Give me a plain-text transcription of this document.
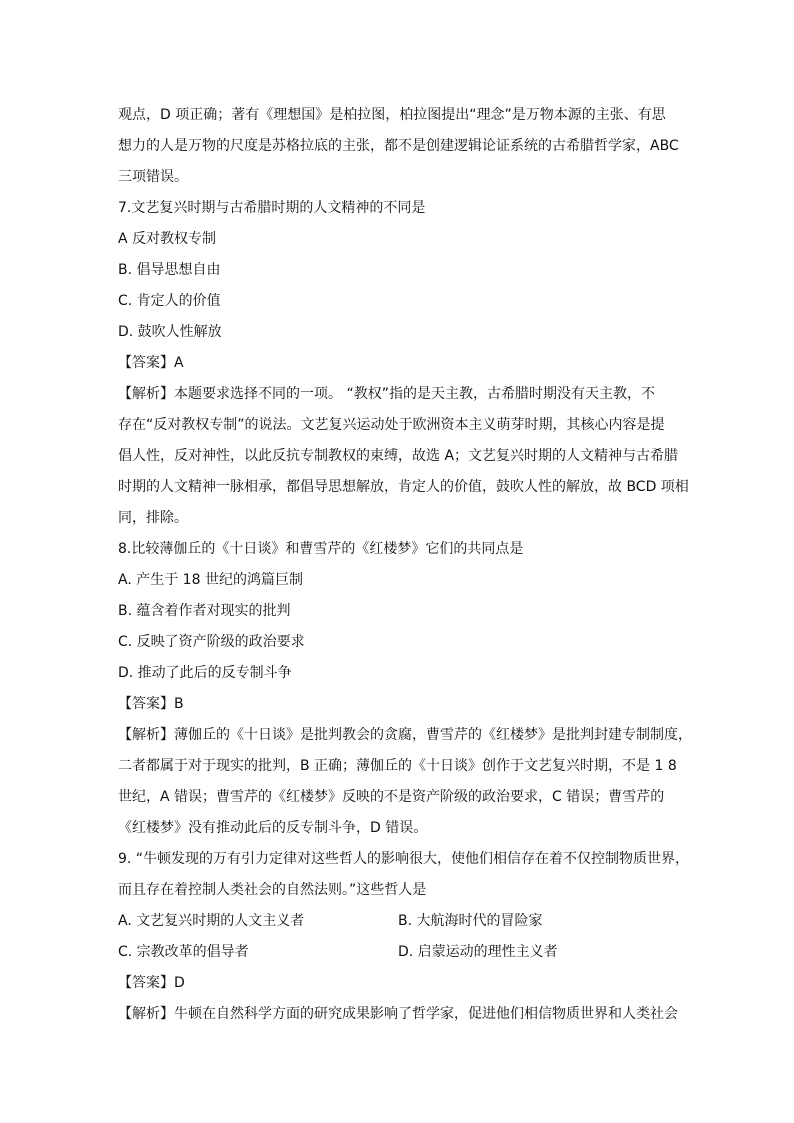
观点，D 项正确；著有《理想国》是柏拉图，柏拉图提出“理念”是万物本源的主张、有思
想力的人是万物的尺度是苏格拉底的主张，都不是创建逻辑论证系统的古希腊哲学家，ABC
三项错误。
7.文艺复兴时期与古希腊时期的人文精神的不同是
A 反对教权专制
B. 倡导思想自由
C. 肯定人的价值
D. 鼓吹人性解放
【答案】A
【解析】本题要求选择不同的一项。 “教权”指的是天主教，古希腊时期没有天主教，不
存在“反对教权专制”的说法。文艺复兴运动处于欧洲资本主义萌芽时期，其核心内容是提
倡人性，反对神性，以此反抗专制教权的束缚，故选 A；文艺复兴时期的人文精神与古希腊
时期的人文精神一脉相承，都倡导思想解放，肯定人的价值，鼓吹人性的解放，故 BCD 项相
同，排除。
8.比较薄伽丘的《十日谈》和曹雪芹的《红楼梦》它们的共同点是
A. 产生于 18 世纪的鸿篇巨制
B. 蕴含着作者对现实的批判
C. 反映了资产阶级的政治要求
D. 推动了此后的反专制斗争
【答案】B
【解析】薄伽丘的《十日谈》是批判教会的贪腐，曹雪芹的《红楼梦》是批判封建专制制度，
二者都属于对于现实的批判，B 正确；薄伽丘的《十日谈》创作于文艺复兴时期，不是 1 8
世纪，A 错误；曹雪芹的《红楼梦》反映的不是资产阶级的政治要求，C 错误；曹雪芹的
《红楼梦》没有推动此后的反专制斗争，D 错误。
9. “牛顿发现的万有引力定律对这些哲人的影响很大，使他们相信存在着不仅控制物质世界，
而且存在着控制人类社会的自然法则。”这些哲人是
A. 文艺复兴时期的人文主义者	B. 大航海时代的冒险家
C. 宗教改革的倡导者	D. 启蒙运动的理性主义者
【答案】D
【解析】牛顿在自然科学方面的研究成果影响了哲学家，促进他们相信物质世界和人类社会
